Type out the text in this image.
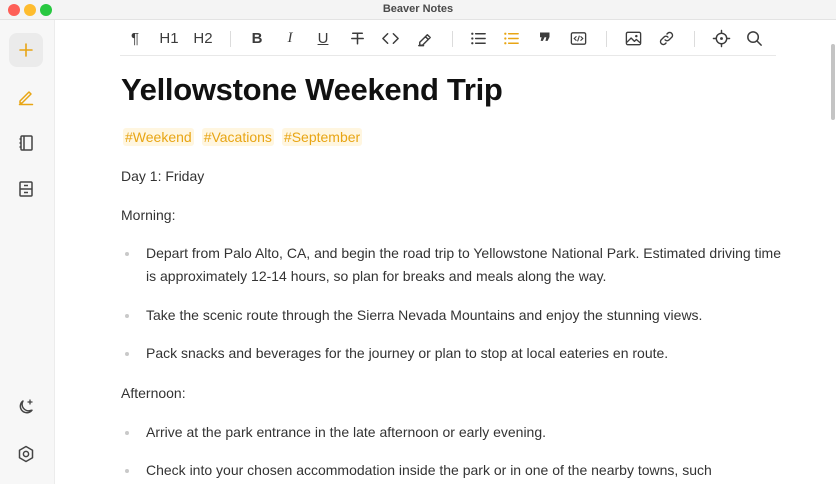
Beaver Notes
¶	H1 H2	B	I	U	❞
Yellowstone Weekend Trip
#Weekend #Vacations #September
Day 1: Friday
Morning:
Depart from Palo Alto, CA, and begin the road trip to Yellowstone National Park. Estimated driving time is approximately 12-14 hours, so plan for breaks and meals along the way.
Take the scenic route through the Sierra Nevada Mountains and enjoy the stunning views.
Pack snacks and beverages for the journey or plan to stop at local eateries en route.
Afternoon:
Arrive at the park entrance in the late afternoon or early evening.
Check into your chosen accommodation inside the park or in one of the nearby towns, such
